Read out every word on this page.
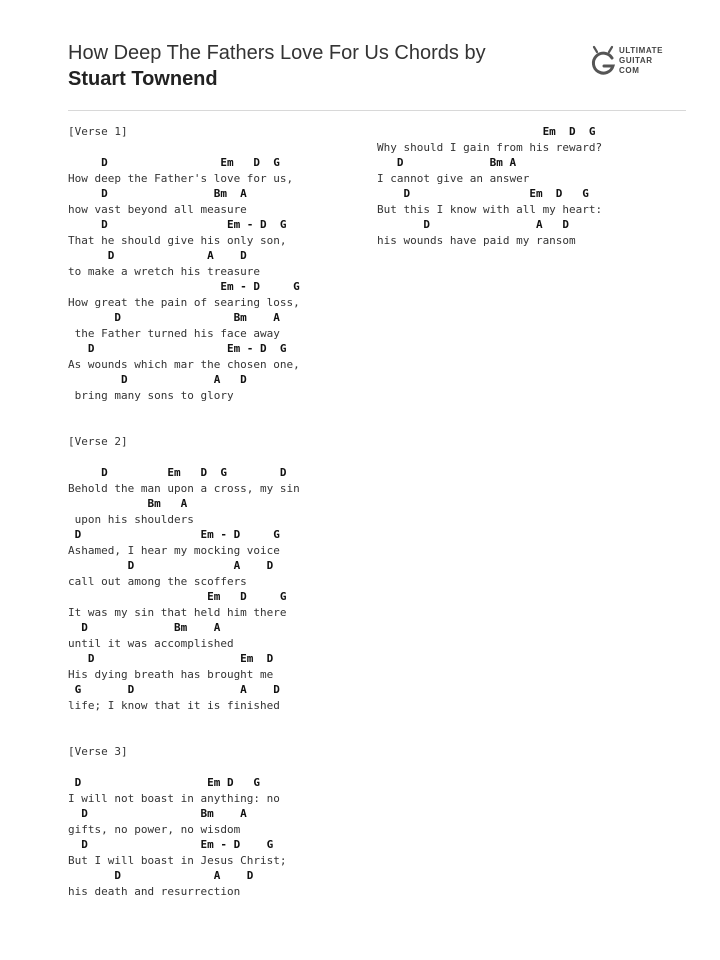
How Deep The Fathers Love For Us Chords by
Stuart Townend
ULTIMATE
GUITAR
COM
[Verse 1]
D                 Em   D  G
How deep the Father's love for us,
D                Bm  A
how vast beyond all measure
D                  Em - D  G
That he should give his only son,
D              A    D
to make a wretch his treasure
Em - D     G
How great the pain of searing loss,
D                 Bm    A
the Father turned his face away
D                    Em - D  G
As wounds which mar the chosen one,
D             A   D
bring many sons to glory
[Verse 2]
D         Em   D  G        D
Behold the man upon a cross, my sin
Bm   A
upon his shoulders
D                  Em - D     G
Ashamed, I hear my mocking voice
D               A    D
call out among the scoffers
Em   D     G
It was my sin that held him there
D             Bm    A
until it was accomplished
D                      Em  D
His dying breath has brought me
G       D                A    D
life; I know that it is finished
[Verse 3]
D                   Em D   G
I will not boast in anything: no
D                 Bm    A
gifts, no power, no wisdom
D                 Em - D    G
But I will boast in Jesus Christ;
D              A    D
his death and resurrection
Em  D  G
Why should I gain from his reward?
D             Bm A
I cannot give an answer
D                  Em  D   G
But this I know with all my heart:
D                A   D
his wounds have paid my ransom
